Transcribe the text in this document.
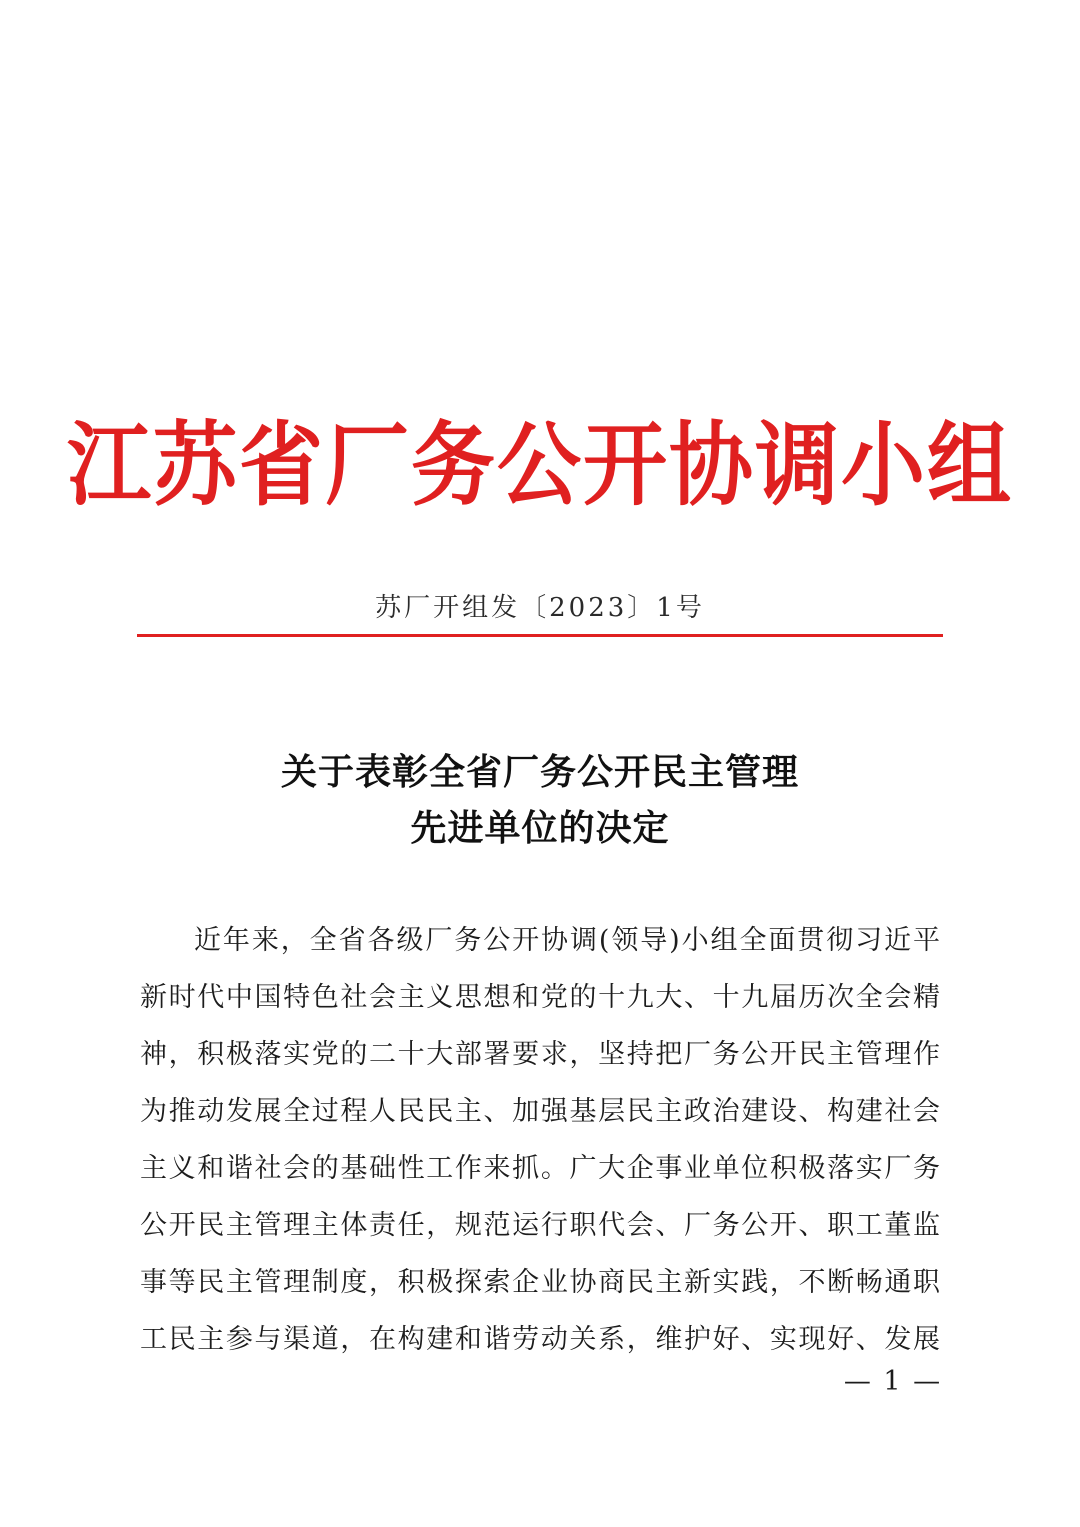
江苏省厂务公开协调小组
苏厂开组发〔2023〕1号
关于表彰全省厂务公开民主管理
先进单位的决定
近年来，全省各级厂务公开协调(领导)小组全面贯彻习近平
新时代中国特色社会主义思想和党的十九大、十九届历次全会精
神，积极落实党的二十大部署要求，坚持把厂务公开民主管理作
为推动发展全过程人民民主、加强基层民主政治建设、构建社会
主义和谐社会的基础性工作来抓。广大企事业单位积极落实厂务
公开民主管理主体责任，规范运行职代会、厂务公开、职工董监
事等民主管理制度，积极探索企业协商民主新实践，不断畅通职
工民主参与渠道，在构建和谐劳动关系，维护好、实现好、发展
— 1 —
